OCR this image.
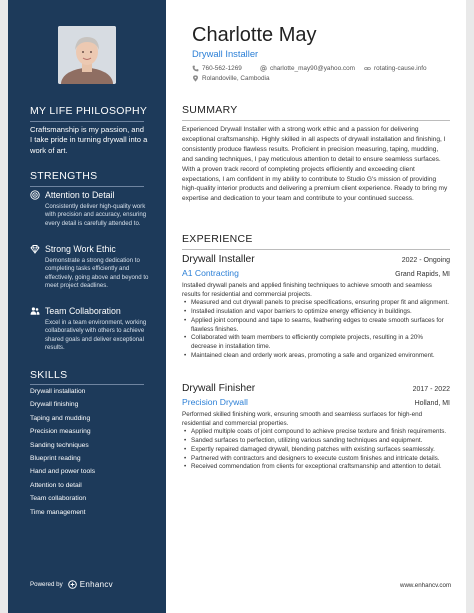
MY LIFE PHILOSOPHY
Craftsmanship is my passion, and I take pride in turning drywall into a work of art.
STRENGTHS
Attention to Detail
Consistently deliver high-quality work with precision and accuracy, ensuring every detail is carefully attended to.
Strong Work Ethic
Demonstrate a strong dedication to completing tasks efficiently and effectively, going above and beyond to meet project deadlines.
Team Collaboration
Excel in a team environment, working collaboratively with others to achieve shared goals and deliver exceptional results.
SKILLS
Drywall installation
Drywall finishing
Taping and mudding
Precision measuring
Sanding techniques
Blueprint reading
Hand and power tools
Attention to detail
Team collaboration
Time management
Powered by Enhancv
Charlotte May
Drywall Installer
760-562-1269	charlotte_may90@yahoo.com	rotating-cause.info
Rolandoville, Cambodia
SUMMARY
Experienced Drywall Installer with a strong work ethic and a passion for delivering exceptional craftsmanship. Highly skilled in all aspects of drywall installation and finishing, I consistently produce flawless results. Proficient in precision measuring, taping, mudding, and sanding techniques, I pay meticulous attention to detail to ensure seamless surfaces. With a proven track record of completing projects efficiently and exceeding client expectations, I am confident in my ability to contribute to Studio G's mission of providing high-quality interior products and delivering a premium client experience. Ready to bring my expertise and dedication to your team and contribute to your continued success.
EXPERIENCE
Drywall Installer	2022 - Ongoing
A1 Contracting	Grand Rapids, MI
Installed drywall panels and applied finishing techniques to achieve smooth and seamless results for residential and commercial projects.
• Measured and cut drywall panels to precise specifications, ensuring proper fit and alignment.
• Installed insulation and vapor barriers to optimize energy efficiency in buildings.
• Applied joint compound and tape to seams, feathering edges to create smooth surfaces for flawless finishes.
• Collaborated with team members to efficiently complete projects, resulting in a 20% decrease in installation time.
• Maintained clean and orderly work areas, promoting a safe and organized environment.
Drywall Finisher	2017 - 2022
Precision Drywall	Holland, MI
Performed skilled finishing work, ensuring smooth and seamless surfaces for high-end residential and commercial properties.
• Applied multiple coats of joint compound to achieve precise texture and finish requirements.
• Sanded surfaces to perfection, utilizing various sanding techniques and equipment.
• Expertly repaired damaged drywall, blending patches with existing surfaces seamlessly.
• Partnered with contractors and designers to execute custom finishes and intricate details.
• Received commendation from clients for exceptional craftsmanship and attention to detail.
www.enhancv.com
